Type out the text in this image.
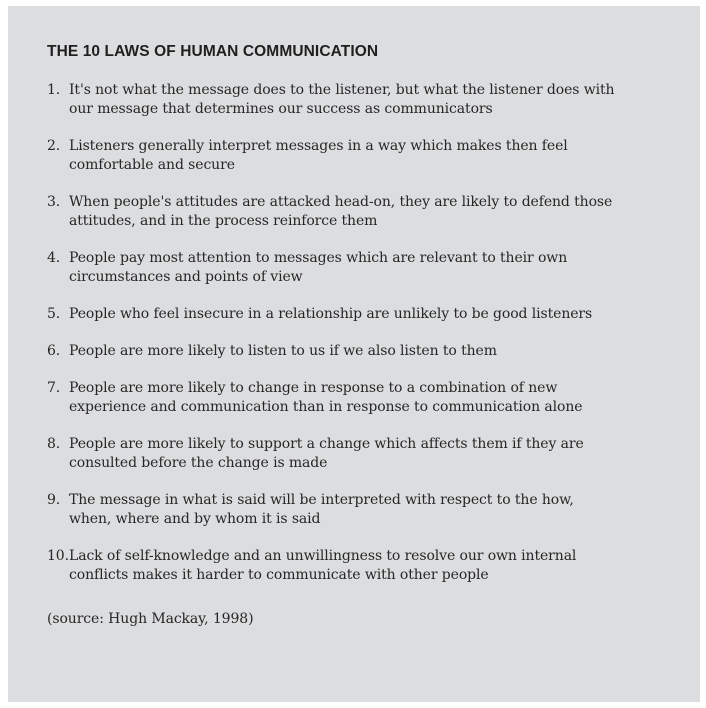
THE 10 LAWS OF HUMAN COMMUNICATION
1. It's not what the message does to the listener, but what the listener does with
our message that determines our success as communicators
2. Listeners generally interpret messages in a way which makes then feel
comfortable and secure
3. When people's attitudes are attacked head-on, they are likely to defend those
attitudes, and in the process reinforce them
4. People pay most attention to messages which are relevant to their own
circumstances and points of view
5. People who feel insecure in a relationship are unlikely to be good listeners
6. People are more likely to listen to us if we also listen to them
7. People are more likely to change in response to a combination of new
experience and communication than in response to communication alone
8. People are more likely to support a change which affects them if they are
consulted before the change is made
9. The message in what is said will be interpreted with respect to the how,
when, where and by whom it is said
10. Lack of self-knowledge and an unwillingness to resolve our own internal
conflicts makes it harder to communicate with other people

(source: Hugh Mackay, 1998)
